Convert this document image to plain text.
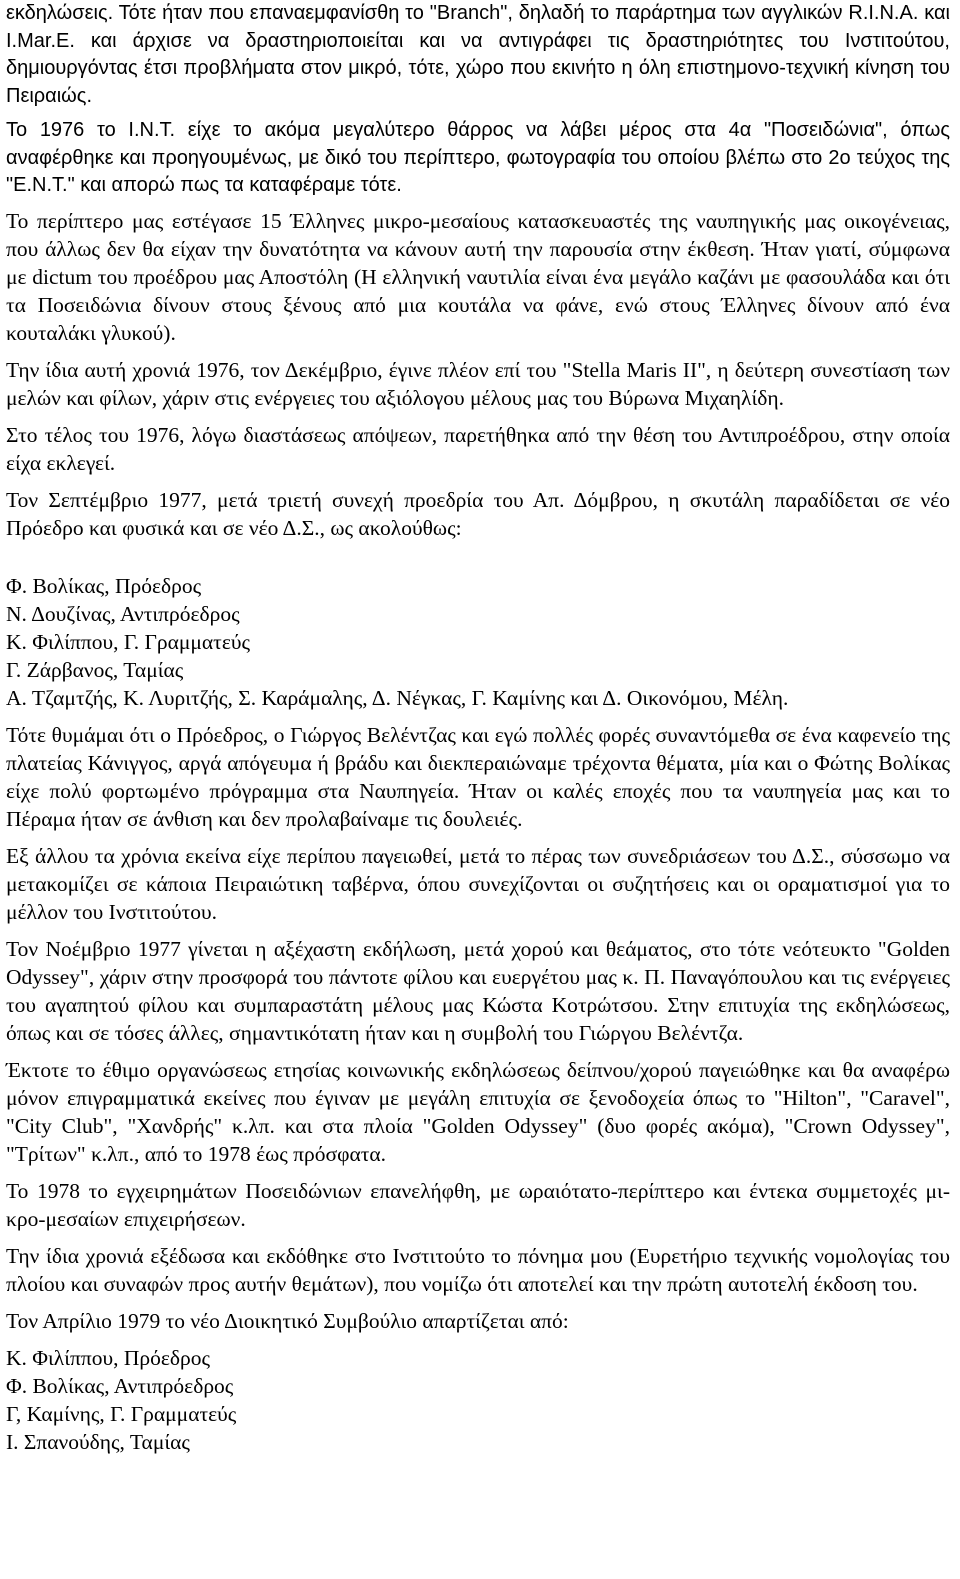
εκδηλώσεις. Τότε ήταν που επαναεμφανίσθη το "Branch", δηλαδή το παράρτημα των αγγλικών R.I.N.A. και I.Mar.E. και άρχισε να δραστηριοποιείται και να αντιγράφει τις δραστηριότητες του Ινστιτούτου, δημιουργόντας έτσι προβλήματα στον μικρό, τότε, χώρο που εκινήτο η όλη επιστημονο-τεχνική κίνηση του Πειραιώς.

Το 1976 το Ι.Ν.Τ. είχε το ακόμα μεγαλύτερο θάρρος να λάβει μέρος στα 4α "Ποσειδώνια", όπως αναφέρθηκε και προηγουμένως, με δικό του περίπτερο, φωτογραφία του οποίου βλέπω στο 2ο τεύχος της "Ε.Ν.Τ." και απορώ πως τα καταφέραμε τότε.

Το περίπτερο μας εστέγασε 15 Έλληνες μικρο-μεσαίους κατασκευαστές της ναυπηγικής μας οικογένειας, που άλλως δεν θα είχαν την δυνατότητα να κάνουν αυτή την παρουσία στην έκθεση. Ήταν γιατί, σύμφωνα με dictum του προέδρου μας Αποστόλη (Η ελληνική ναυτιλία είναι ένα μεγάλο καζάνι με φασουλάδα και ότι τα Ποσειδώνια δίνουν στους ξένους από μια κουτάλα να φάνε, ενώ στους Έλληνες δίνουν από ένα κουταλάκι γλυκού).

Την ίδια αυτή χρονιά 1976, τον Δεκέμβριο, έγινε πλέον επί του "Stella Maris II", η δεύτερη συνεστίαση των μελών και φίλων, χάριν στις ενέργειες του αξιόλογου μέλους μας του Βύρωνα Μιχαηλίδη.

Στο τέλος του 1976, λόγω διαστάσεως απόψεων, παρετήθηκα από την θέση του Αντιπροέδρου, στην οποία είχα εκλεγεί.

Τον Σεπτέμβριο 1977, μετά τριετή συνεχή προεδρία του Απ. Δόμβρου, η σκυτάλη παραδίδεται σε νέο Πρόεδρο και φυσικά και σε νέο Δ.Σ., ως ακολούθως:

Φ. Βολίκας, Πρόεδρος
Ν. Δουζίνας, Αντιπρόεδρος
Κ. Φιλίππου, Γ. Γραμματεύς
Γ. Ζάρβανος, Ταμίας
Α. Τζαμτζής, Κ. Λυριτζής, Σ. Καράμαλης, Δ. Νέγκας, Γ. Καμίνης και Δ. Οικονόμου, Μέλη.

Τότε θυμάμαι ότι ο Πρόεδρος, ο Γιώργος Βελέντζας και εγώ πολλές φορές συναντόμεθα σε ένα καφενείο της πλατείας Κάνιγγος, αργά απόγευμα ή βράδυ και διεκπεραιώναμε τρέχοντα θέματα, μία και ο Φώτης Βολίκας είχε πολύ φορτωμένο πρόγραμμα στα Ναυπηγεία. Ήταν οι καλές εποχές που τα ναυπηγεία μας και το Πέραμα ήταν σε άνθιση και δεν προλαβαίναμε τις δουλειές.

Εξ άλλου τα χρόνια εκείνα είχε περίπου παγειωθεί, μετά το πέρας των συνεδριάσεων του Δ.Σ., σύσσωμο να μετακομίζει σε κάποια Πειραιώτικη ταβέρνα, όπου συνεχίζονται οι συζητήσεις και οι οραματισμοί για το μέλλον του Ινστιτούτου.

Τον Νοέμβριο 1977 γίνεται η αξέχαστη εκδήλωση, μετά χορού και θεάματος, στο τότε νεότευκτο "Golden Odyssey", χάριν στην προσφορά του πάντοτε φίλου και ευεργέτου μας κ. Π. Παναγόπουλου και τις ενέργειες του αγαπητού φίλου και συμπαραστάτη μέλους μας Κώστα Κοτρώτσου. Στην επιτυχία της εκδηλώσεως, όπως και σε τόσες άλλες, σημαντικότατη ήταν και η συμβολή του Γιώργου Βελέντζα.

Έκτοτε το έθιμο οργανώσεως ετησίας κοινωνικής εκδηλώσεως δείπνου/χορού παγειώθηκε και θα αναφέρω μόνον επιγραμματικά εκείνες που έγιναν με μεγάλη επιτυχία σε ξενοδοχεία όπως το "Hilton", "Caravel", "City Club", "Χανδρής" κ.λπ. και στα πλοία "Golden Odyssey" (δυο φορές ακόμα), "Crown Odyssey", "Τρίτων" κ.λπ., από το 1978 έως πρόσφατα.

Το 1978 το εγχειρημάτων Ποσειδώνιων επανελήφθη, με ωραιότατο-περίπτερο και έντεκα συμμετοχές μι-κρο-μεσαίων επιχειρήσεων.

Την ίδια χρονιά εξέδωσα και εκδόθηκε στο Ινστιτούτο το πόνημα μου (Ευρετήριο τεχνικής νομολογίας του πλοίου και συναφών προς αυτήν θεμάτων), που νομίζω ότι αποτελεί και την πρώτη αυτοτελή έκδοση του.

Τον Απρίλιο 1979 το νέο Διοικητικό Συμβούλιο απαρτίζεται από:

Κ. Φιλίππου, Πρόεδρος
Φ. Βολίκας, Αντιπρόεδρος
Γ, Καμίνης, Γ. Γραμματεύς
Ι. Σπανούδης, Ταμίας
